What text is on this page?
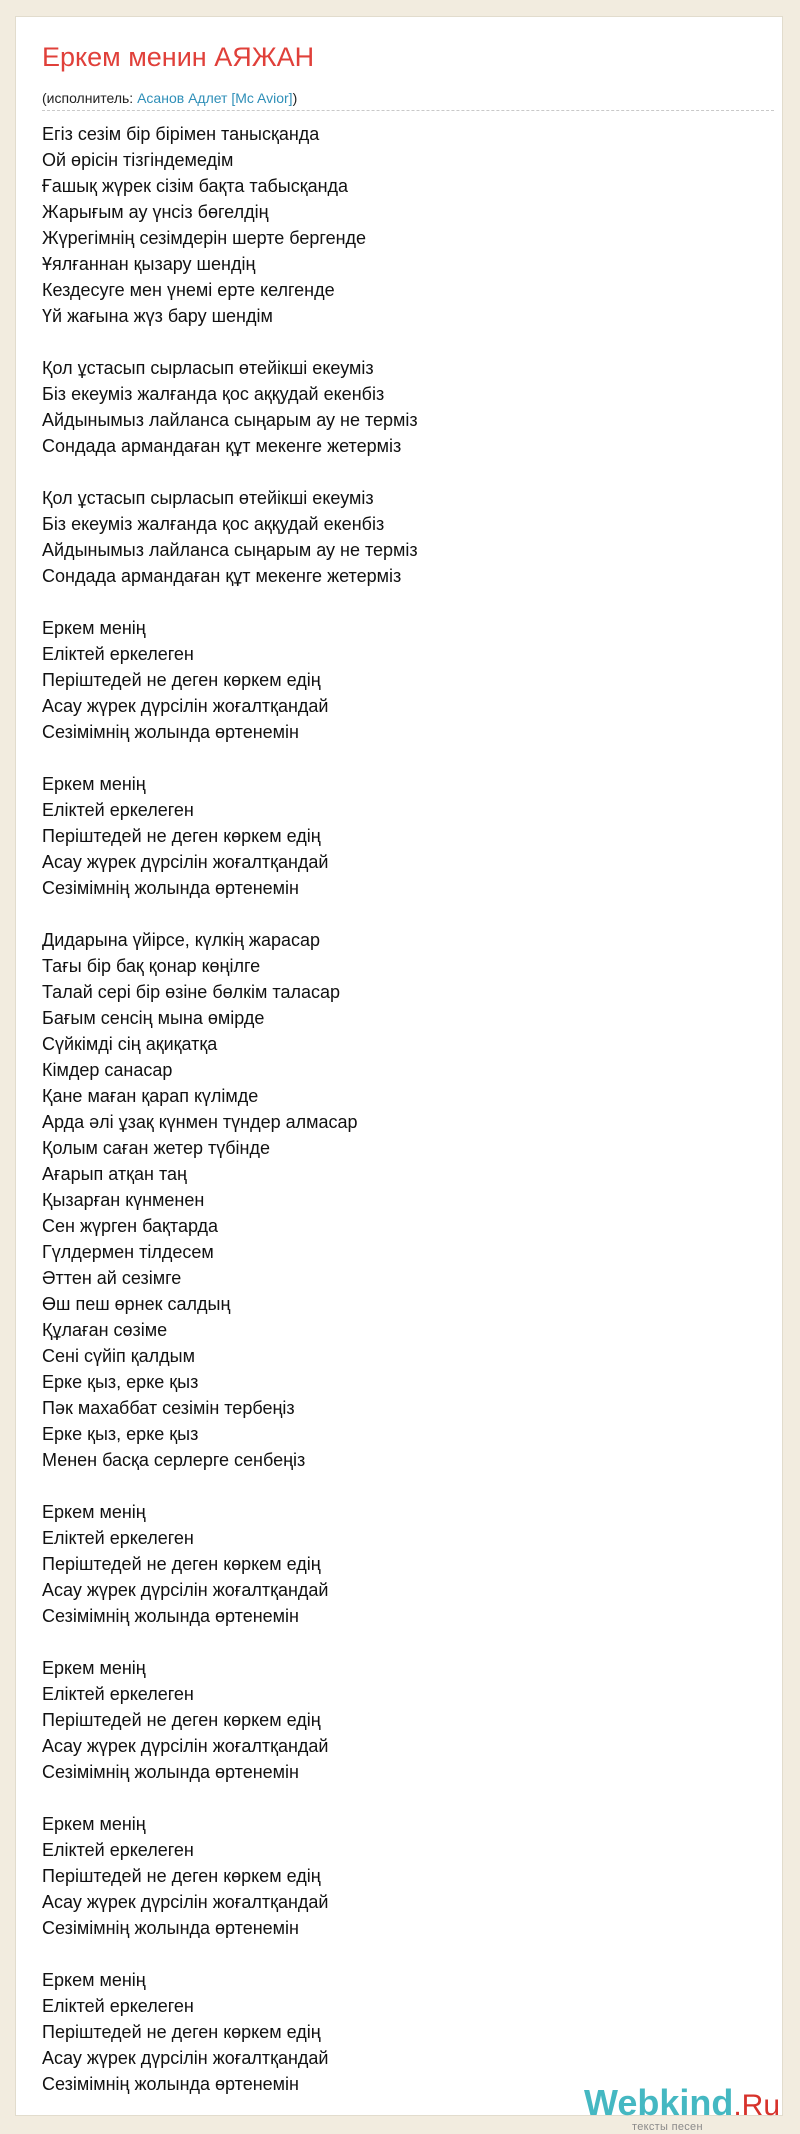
Еркем менин АЯЖАН
(исполнитель: Асанов Адлет [Mc Avior])
Егіз сезім бір бірімен танысқанда
Ой өрісін тізгіндемедім
Ғашық жүрек сізім бақта табысқанда
Жарығым ау үнсіз бөгелдің
Жүрегімнің сезімдерін шерте бергенде
Ұялғаннан қызару шендің
Кездесуге мен үнемі ерте келгенде
Үй жағына жүз бару шендім
Қол ұстасып сырласып өтейікші екеуміз
Біз екеуміз жалғанда қос аққудай екенбіз
Айдынымыз лайланса сыңарым ау не терміз
Сондада армандаған құт мекенге жетерміз
Қол ұстасып сырласып өтейікші екеуміз
Біз екеуміз жалғанда қос аққудай екенбіз
Айдынымыз лайланса сыңарым ау не терміз
Сондада армандаған құт мекенге жетерміз
Еркем менің
Еліктей еркелеген
Періштедей не деген көркем едің
Асау жүрек дүрсілін жоғалтқандай
Сезімімнің жолында өртенемін
Еркем менің
Еліктей еркелеген
Періштедей не деген көркем едің
Асау жүрек дүрсілін жоғалтқандай
Сезімімнің жолында өртенемін
Дидарына үйірсе, күлкің жарасар
Тағы бір бақ қонар көңілге
Талай сері бір өзіне бөлкім таласар
Бағым сенсің мына өмірде
Сүйкімді сің ақиқатқа
Кімдер санасар
Қане маған қарап күлімде
Арда әлі ұзақ күнмен түндер алмасар
Қолым саған жетер түбінде
Ағарып атқан таң
Қызарған күнменен
Сен жүрген бақтарда
Гүлдермен тілдесем
Әттен ай сезімге
Өш пеш өрнек салдың
Құлаған сөзіме
Сені сүйіп қалдым
Ерке қыз, ерке қыз
Пәк махаббат сезімін тербеңіз
Ерке қыз, ерке қыз
Менен басқа серлерге сенбеңіз
Еркем менің
Еліктей еркелеген
Періштедей не деген көркем едің
Асау жүрек дүрсілін жоғалтқандай
Сезімімнің жолында өртенемін
Еркем менің
Еліктей еркелеген
Періштедей не деген көркем едің
Асау жүрек дүрсілін жоғалтқандай
Сезімімнің жолында өртенемін
Еркем менің
Еліктей еркелеген
Періштедей не деген көркем едің
Асау жүрек дүрсілін жоғалтқандай
Сезімімнің жолында өртенемін
Еркем менің
Еліктей еркелеген
Періштедей не деген көркем едің
Асау жүрек дүрсілін жоғалтқандай
Сезімімнің жолында өртенемін	Webkind.Ru
тексты песен
